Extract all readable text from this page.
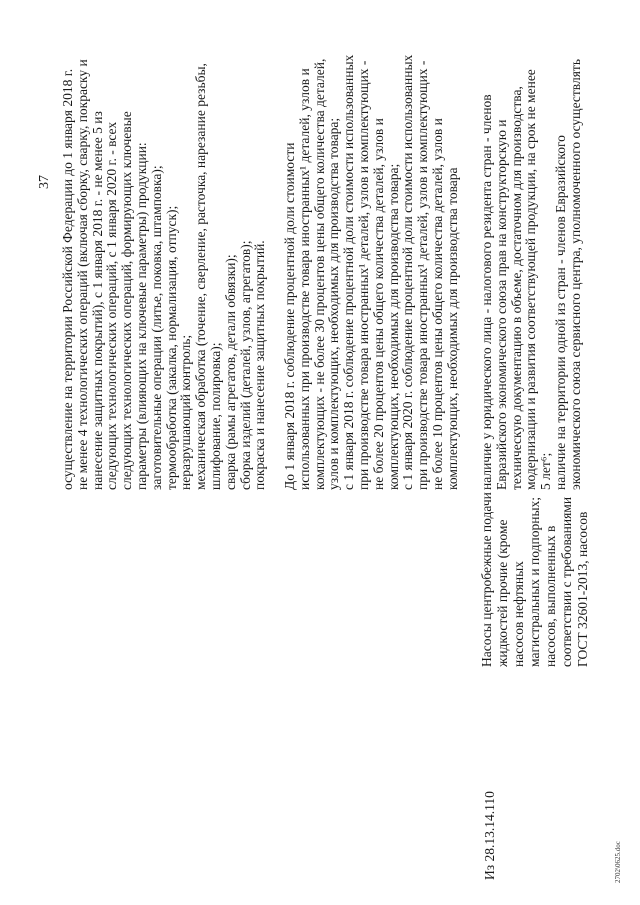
37 осуществление на территории Российской Федерации до 1 января 2018 г. не менее 4 технологических операций (включая сборку, сварку, покраску и нанесение защитных покрытий), с 1 января 2018 г. - не менее 5 из следующих технологических операций, с 1 января 2020 г. - всех следующих технологических операций, формирующих ключевые параметры (влияющих на ключевые параметры) продукции: заготовительные операции (литье, поковка, штамповка); термообработка (закалка, нормализация, отпуск); неразрушающий контроль; механическая обработка (точение, сверление, расточка, нарезание резьбы, шлифование, полировка); сварка (рамы агрегатов, детали обвязки); сборка изделий (деталей, узлов, агрегатов); покраска и нанесение защитных покрытий. До 1 января 2018 г. соблюдение процентной доли стоимости использованных при производстве товара иностранных¹ деталей, узлов и комплектующих - не более 30 процентов цены общего количества деталей, узлов и комплектующих, необходимых для производства товара; с 1 января 2018 г. соблюдение процентной доли стоимости использованных при производстве товара иностранных¹ деталей, узлов и комплектующих - не более 20 процентов цены общего количества деталей, узлов и комплектующих, необходимых для производства товара; с 1 января 2020 г. соблюдение процентной доли стоимости использованных при производстве товара иностранных¹ деталей, узлов и комплектующих - не более 10 процентов цены общего количества деталей, узлов и комплектующих, необходимых для производства товара
Из 28.13.14.110
Насосы центробежные подачи жидкостей прочие (кроме насосов нефтяных магистральных и подпорных; насосов, выполненных в соответствии с требованиями ГОСТ 32601-2013, насосов
наличие у юридического лица - налогового резидента стран - членов Евразийского экономического союза прав на конструкторскую и техническую документацию в объеме, достаточном для производства, модернизации и развития соответствующей продукции, на срок не менее 5 лет⁶; наличие на территории одной из стран - членов Евразийского экономического союза сервисного центра, уполномоченного осуществлять
2702\0625.doc
